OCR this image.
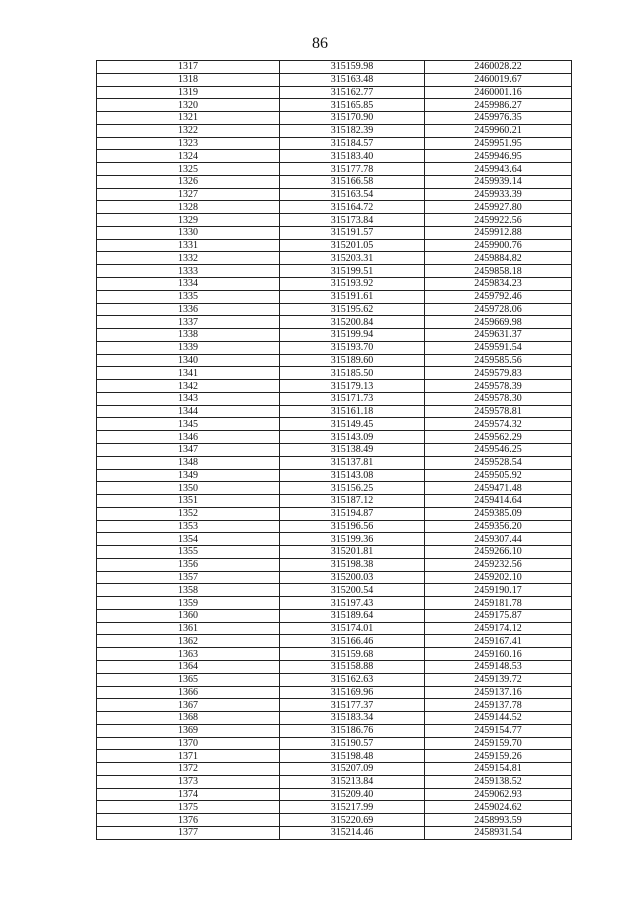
86
1317	315159.98	2460028.22
1318	315163.48	2460019.67
1319	315162.77	2460001.16
1320	315165.85	2459986.27
1321	315170.90	2459976.35
1322	315182.39	2459960.21
1323	315184.57	2459951.95
1324	315183.40	2459946.95
1325	315177.78	2459943.64
1326	315166.58	2459939.14
1327	315163.54	2459933.39
1328	315164.72	2459927.80
1329	315173.84	2459922.56
1330	315191.57	2459912.88
1331	315201.05	2459900.76
1332	315203.31	2459884.82
1333	315199.51	2459858.18
1334	315193.92	2459834.23
1335	315191.61	2459792.46
1336	315195.62	2459728.06
1337	315200.84	2459669.98
1338	315199.94	2459631.37
1339	315193.70	2459591.54
1340	315189.60	2459585.56
1341	315185.50	2459579.83
1342	315179.13	2459578.39
1343	315171.73	2459578.30
1344	315161.18	2459578.81
1345	315149.45	2459574.32
1346	315143.09	2459562.29
1347	315138.49	2459546.25
1348	315137.81	2459528.54
1349	315143.08	2459505.92
1350	315156.25	2459471.48
1351	315187.12	2459414.64
1352	315194.87	2459385.09
1353	315196.56	2459356.20
1354	315199.36	2459307.44
1355	315201.81	2459266.10
1356	315198.38	2459232.56
1357	315200.03	2459202.10
1358	315200.54	2459190.17
1359	315197.43	2459181.78
1360	315189.64	2459175.87
1361	315174.01	2459174.12
1362	315166.46	2459167.41
1363	315159.68	2459160.16
1364	315158.88	2459148.53
1365	315162.63	2459139.72
1366	315169.96	2459137.16
1367	315177.37	2459137.78
1368	315183.34	2459144.52
1369	315186.76	2459154.77
1370	315190.57	2459159.70
1371	315198.48	2459159.26
1372	315207.09	2459154.81
1373	315213.84	2459138.52
1374	315209.40	2459062.93
1375	315217.99	2459024.62
1376	315220.69	2458993.59
1377	315214.46	2458931.54
